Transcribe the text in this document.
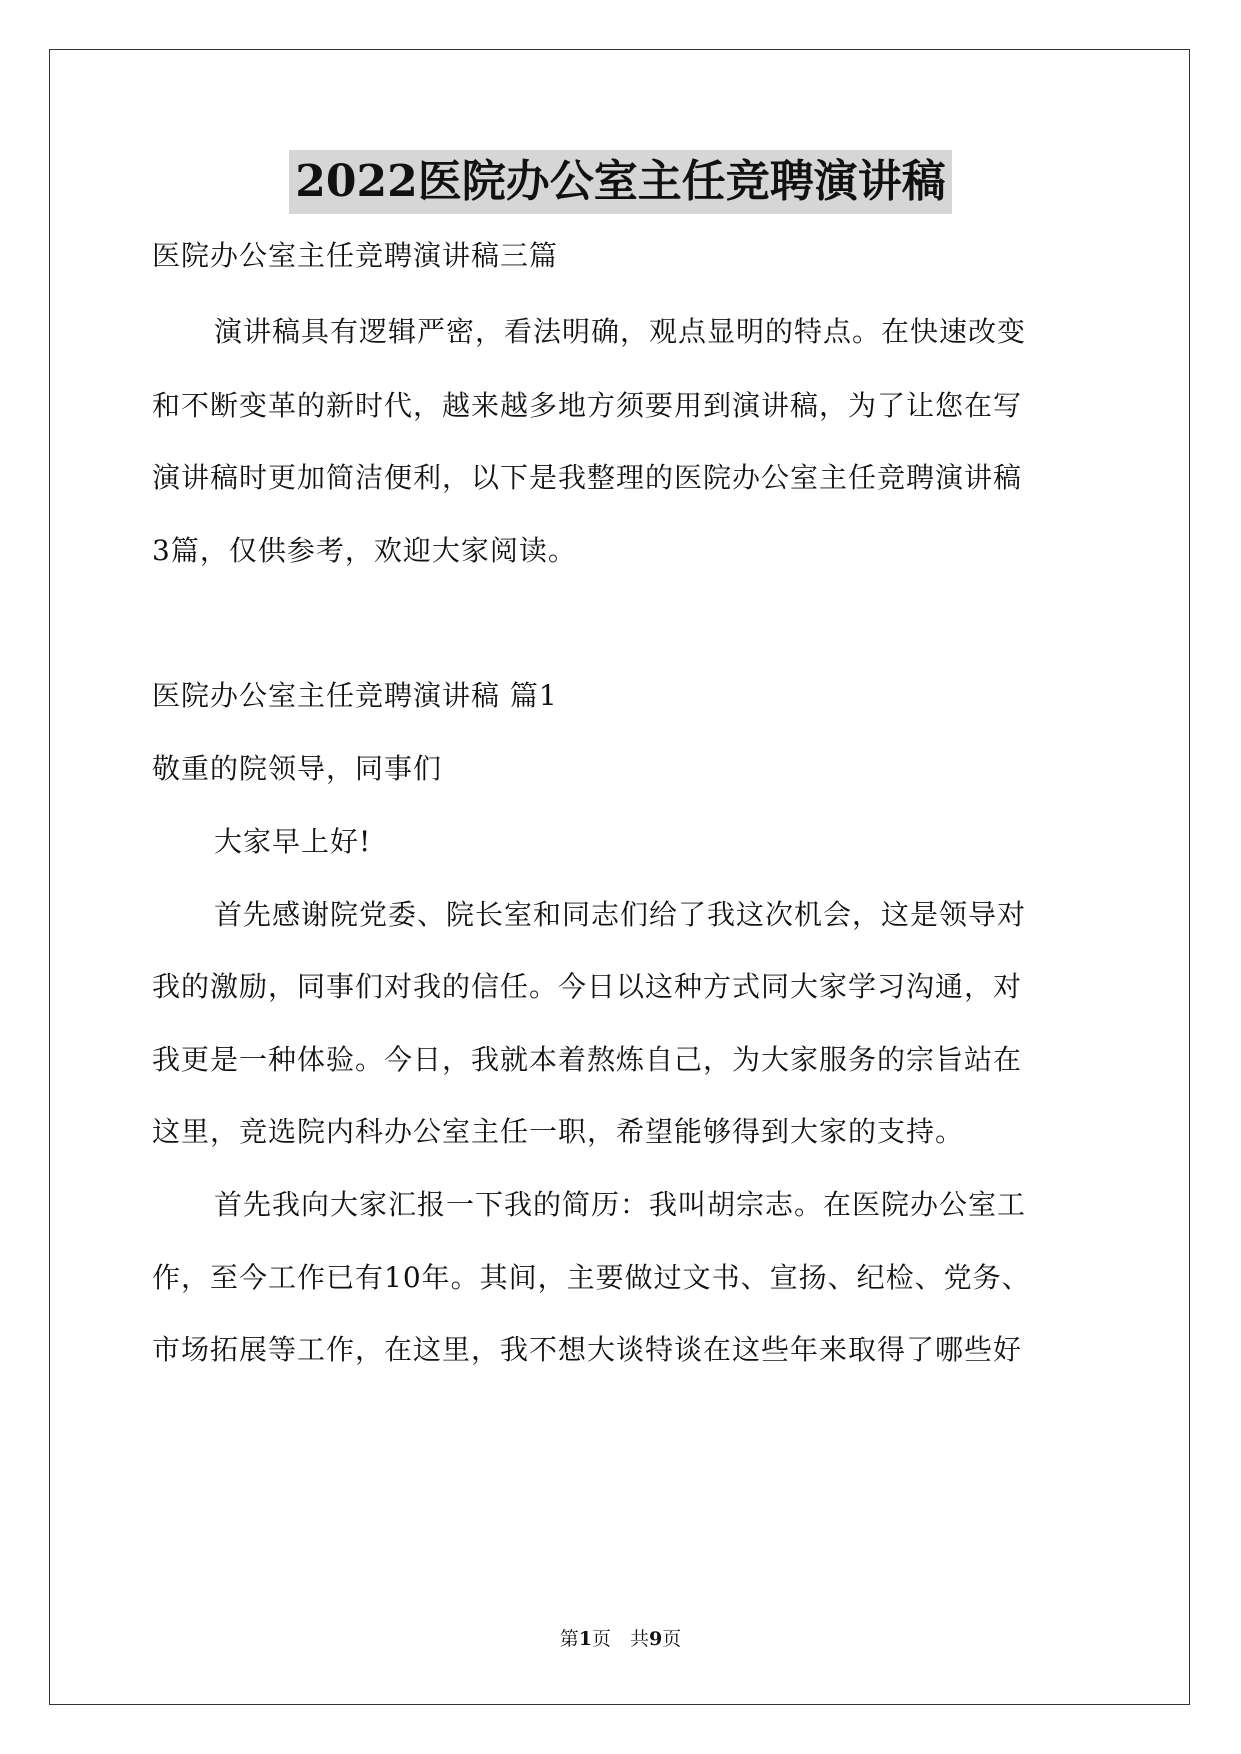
2022医院办公室主任竞聘演讲稿
医院办公室主任竞聘演讲稿三篇
演讲稿具有逻辑严密，看法明确，观点显明的特点。在快速改变
和不断变革的新时代，越来越多地方须要用到演讲稿，为了让您在写
演讲稿时更加简洁便利，以下是我整理的医院办公室主任竞聘演讲稿
3篇，仅供参考，欢迎大家阅读。
医院办公室主任竞聘演讲稿 篇1
敬重的院领导，同事们
大家早上好!
首先感谢院党委、院长室和同志们给了我这次机会，这是领导对
我的激励，同事们对我的信任。今日以这种方式同大家学习沟通，对
我更是一种体验。今日，我就本着熬炼自己，为大家服务的宗旨站在
这里，竞选院内科办公室主任一职，希望能够得到大家的支持。
首先我向大家汇报一下我的简历：我叫胡宗志。在医院办公室工
作，至今工作已有10年。其间，主要做过文书、宣扬、纪检、党务、
市场拓展等工作，在这里，我不想大谈特谈在这些年来取得了哪些好
第1页　共9页
